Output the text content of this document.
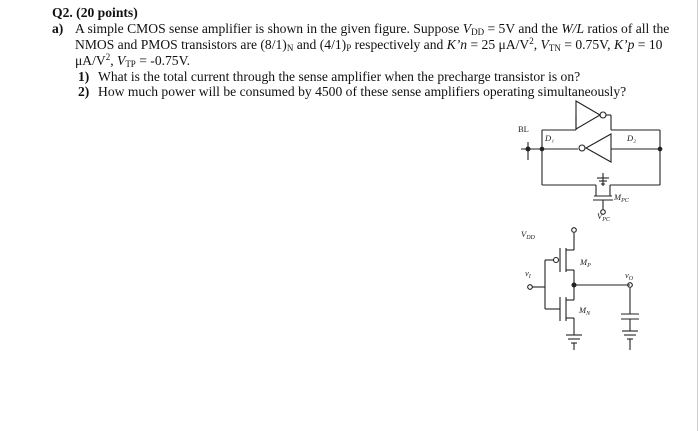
Q2. (20 points)
a) A simple CMOS sense amplifier is shown in the given figure. Suppose $V_{DD} = 5V$ and the W/L ratios of all the
NMOS and PMOS transistors are $(8/1)_N$ and $(4/1)_P$ respectively and K’n = 25 $\mu A/V^2$, $V_{TN} = 0.75V$, K’p = 10
$\mu A/V^2$, $V_{TP} = -0.75V$.
1) What is the total current through the sense amplifier when the precharge transistor is on?
2) How much power will be consumed by 4500 of these sense amplifiers operating simultaneously?
BL
D₁	D₂
$M_{PC}$
$V_{PC}$
$V_{DD}$
$M_P$
$M_N$
$v_O$
$v_I$
